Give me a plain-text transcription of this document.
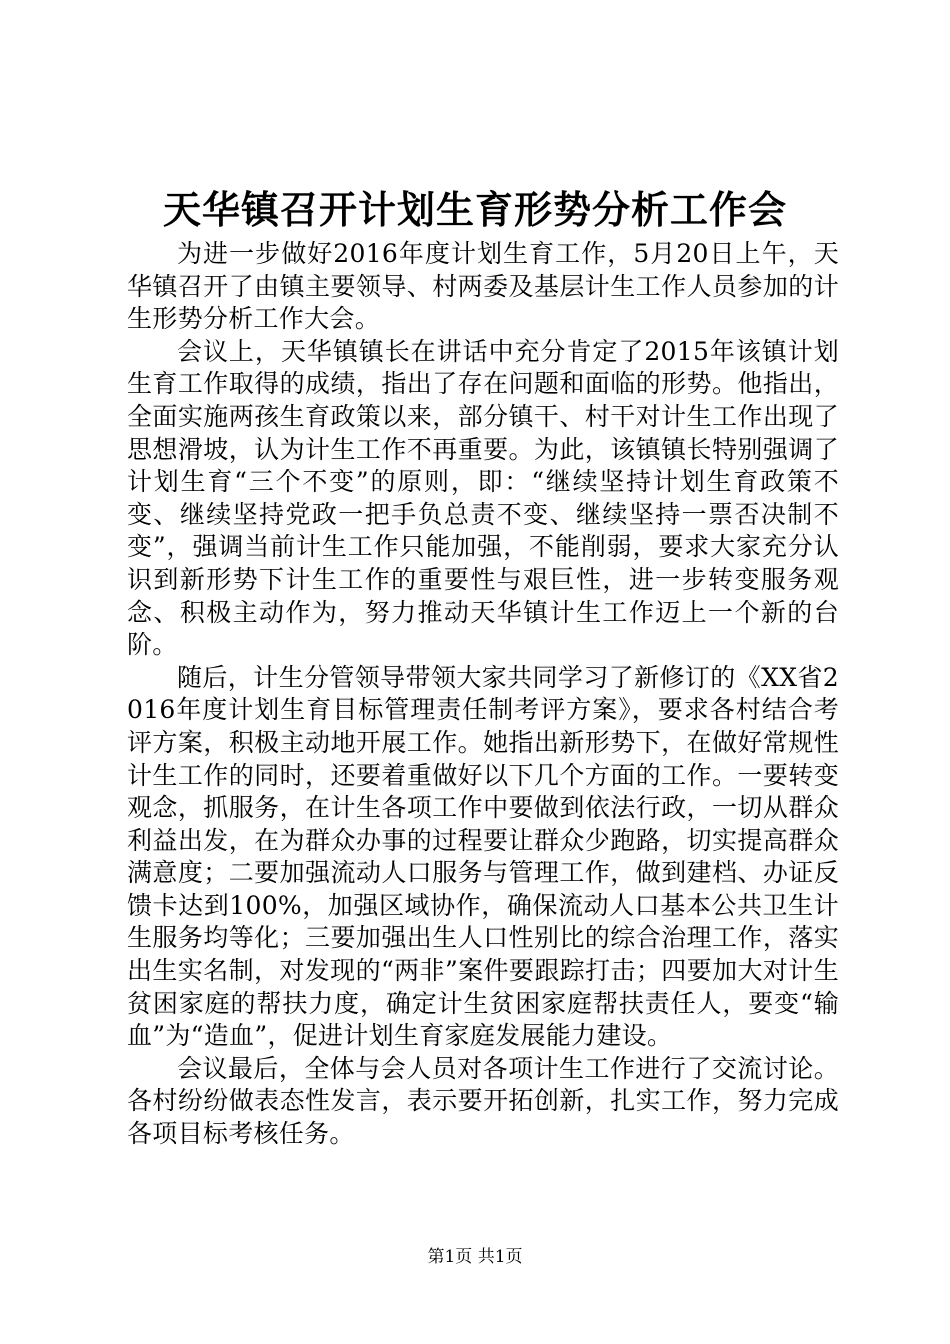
天华镇召开计划生育形势分析工作会

为进一步做好2016年度计划生育工作，5月20日上午，天华镇召开了由镇主要领导、村两委及基层计生工作人员参加的计生形势分析工作大会。

会议上，天华镇镇长在讲话中充分肯定了2015年该镇计划生育工作取得的成绩，指出了存在问题和面临的形势。他指出，全面实施两孩生育政策以来，部分镇干、村干对计生工作出现了思想滑坡，认为计生工作不再重要。为此，该镇镇长特别强调了计划生育“三个不变”的原则，即：“继续坚持计划生育政策不变、继续坚持党政一把手负总责不变、继续坚持一票否决制不变”，强调当前计生工作只能加强，不能削弱，要求大家充分认识到新形势下计生工作的重要性与艰巨性，进一步转变服务观念、积极主动作为，努力推动天华镇计生工作迈上一个新的台阶。

随后，计生分管领导带领大家共同学习了新修订的《XX省2016年度计划生育目标管理责任制考评方案》，要求各村结合考评方案，积极主动地开展工作。她指出新形势下，在做好常规性计生工作的同时，还要着重做好以下几个方面的工作。一要转变观念，抓服务，在计生各项工作中要做到依法行政，一切从群众利益出发，在为群众办事的过程要让群众少跑路，切实提高群众满意度；二要加强流动人口服务与管理工作，做到建档、办证反馈卡达到100%，加强区域协作，确保流动人口基本公共卫生计生服务均等化；三要加强出生人口性别比的综合治理工作，落实出生实名制，对发现的“两非”案件要跟踪打击；四要加大对计生贫困家庭的帮扶力度，确定计生贫困家庭帮扶责任人，要变“输血”为“造血”，促进计划生育家庭发展能力建设。

会议最后，全体与会人员对各项计生工作进行了交流讨论。各村纷纷做表态性发言，表示要开拓创新，扎实工作，努力完成各项目标考核任务。

第1页 共1页
